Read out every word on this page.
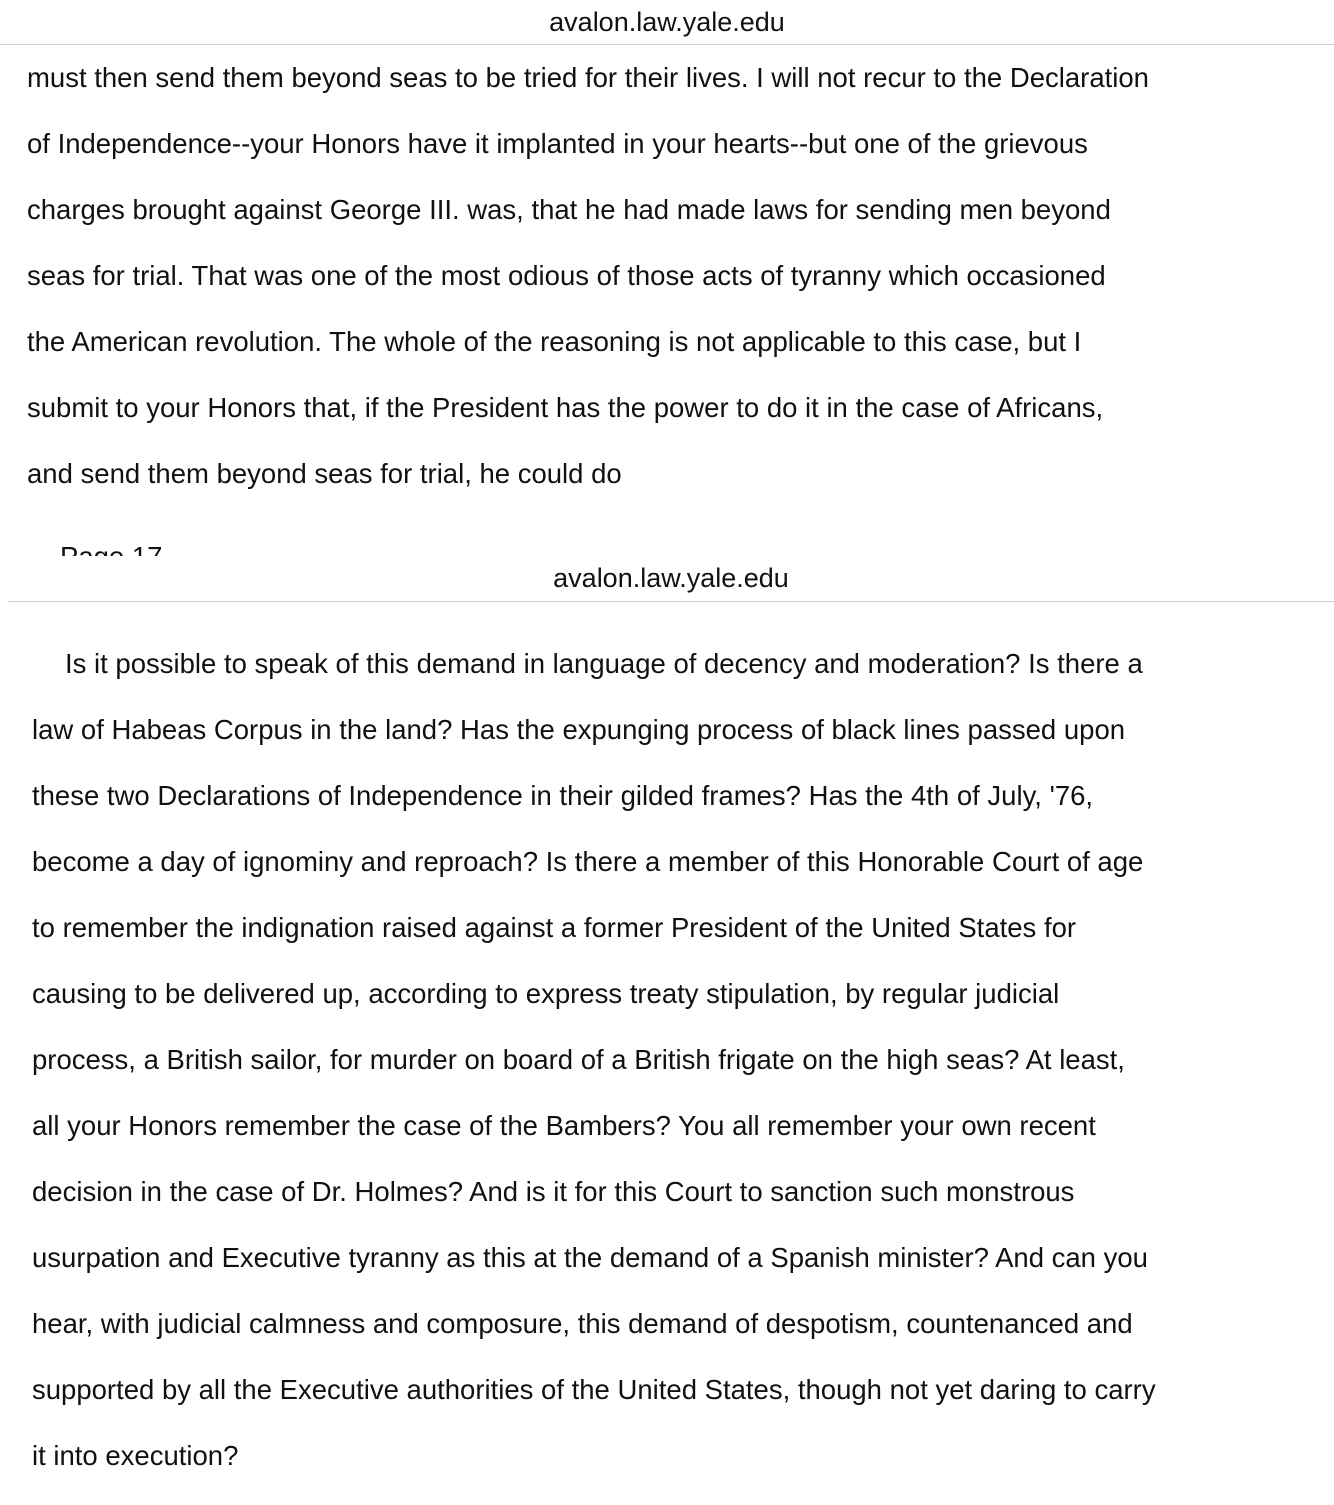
avalon.law.yale.edu

must then send them beyond seas to be tried for their lives. I will not recur to the Declaration

of Independence--your Honors have it implanted in your hearts--but one of the grievous

charges brought against George III. was, that he had made laws for sending men beyond

seas for trial. That was one of the most odious of those acts of tyranny which occasioned

the American revolution. The whole of the reasoning is not applicable to this case, but I

submit to your Honors that, if the President has the power to do it in the case of Africans,

and send them beyond seas for trial, he could do

avalon.law.yale.edu

Is it possible to speak of this demand in language of decency and moderation? Is there a

law of Habeas Corpus in the land? Has the expunging process of black lines passed upon

these two Declarations of Independence in their gilded frames? Has the 4th of July, '76,

become a day of ignominy and reproach? Is there a member of this Honorable Court of age

to remember the indignation raised against a former President of the United States for

causing to be delivered up, according to express treaty stipulation, by regular judicial

process, a British sailor, for murder on board of a British frigate on the high seas? At least,

all your Honors remember the case of the Bambers? You all remember your own recent

decision in the case of Dr. Holmes? And is it for this Court to sanction such monstrous

usurpation and Executive tyranny as this at the demand of a Spanish minister? And can you

hear, with judicial calmness and composure, this demand of despotism, countenanced and

supported by all the Executive authorities of the United States, though not yet daring to carry

it into execution?
